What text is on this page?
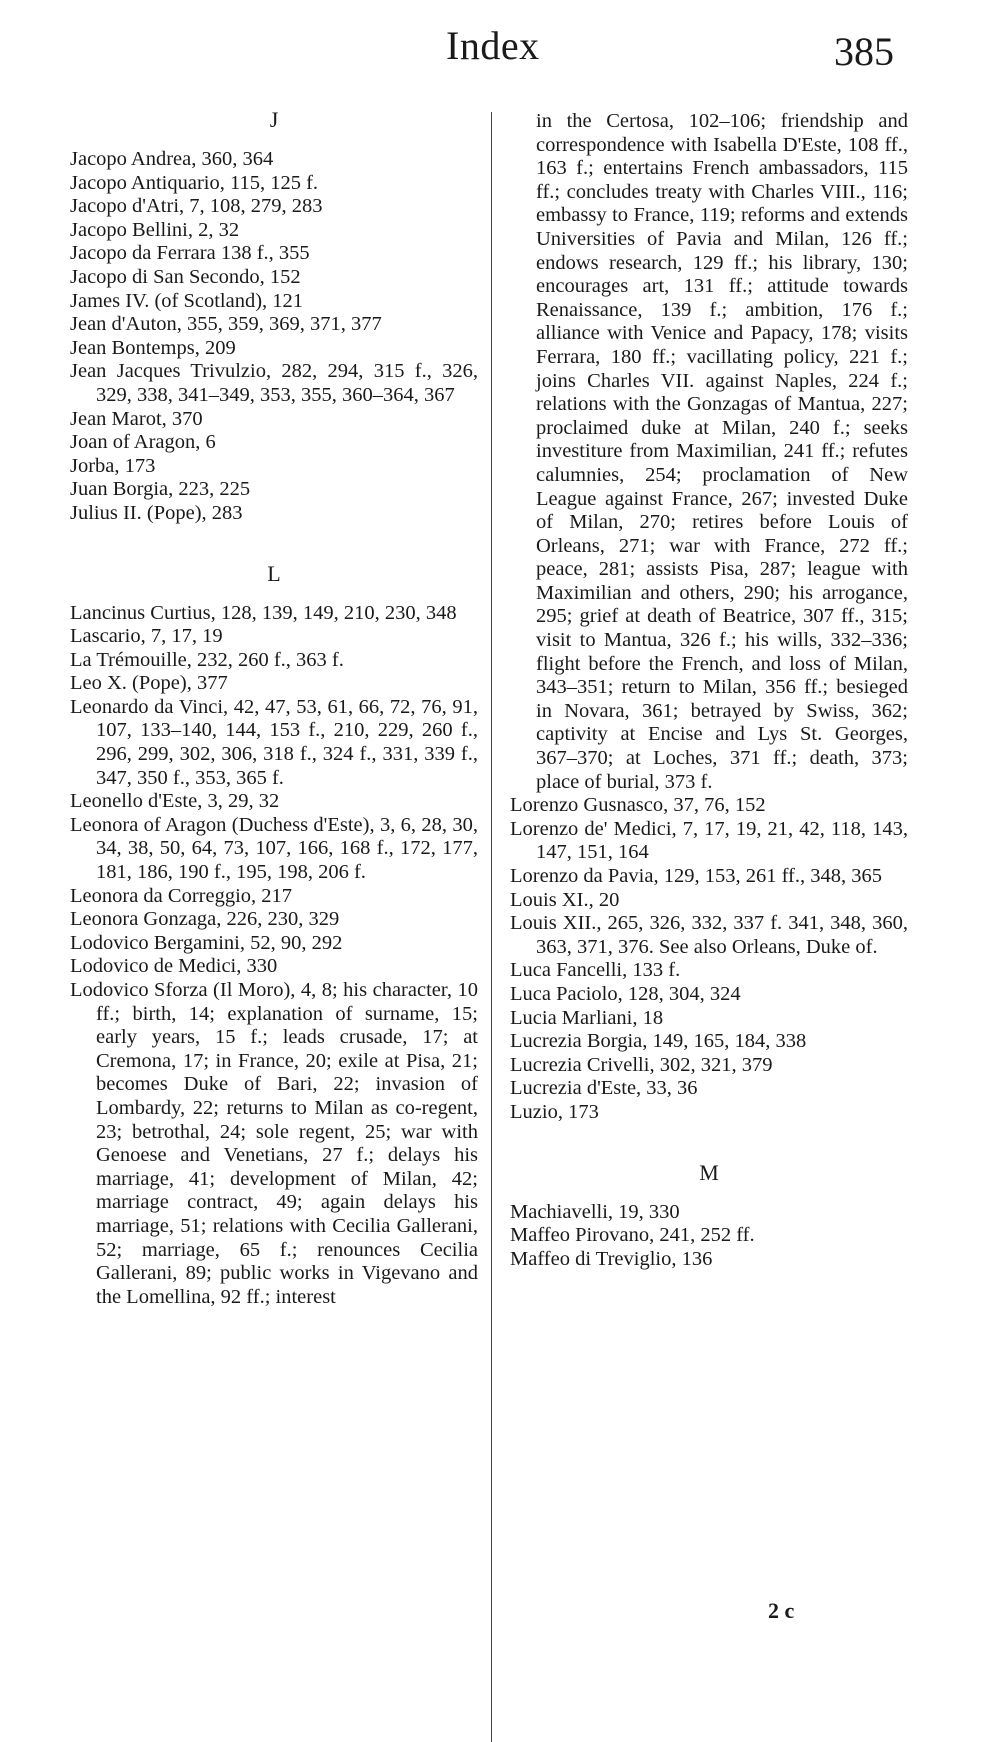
Index	385
J
Jacopo Andrea, 360, 364
Jacopo Antiquario, 115, 125 f.
Jacopo d'Atri, 7, 108, 279, 283
Jacopo Bellini, 2, 32
Jacopo da Ferrara 138 f., 355
Jacopo di San Secondo, 152
James IV. (of Scotland), 121
Jean d'Auton, 355, 359, 369, 371, 377
Jean Bontemps, 209
Jean Jacques Trivulzio, 282, 294, 315 f., 326, 329, 338, 341–349, 353, 355, 360–364, 367
Jean Marot, 370
Joan of Aragon, 6
Jorba, 173
Juan Borgia, 223, 225
Julius II. (Pope), 283
L
Lancinus Curtius, 128, 139, 149, 210, 230, 348
Lascario, 7, 17, 19
La Trémouille, 232, 260 f., 363 f.
Leo X. (Pope), 377
Leonardo da Vinci, 42, 47, 53, 61, 66, 72, 76, 91, 107, 133–140, 144, 153 f., 210, 229, 260 f., 296, 299, 302, 306, 318 f., 324 f., 331, 339 f., 347, 350 f., 353, 365 f.
Leonello d'Este, 3, 29, 32
Leonora of Aragon (Duchess d'Este), 3, 6, 28, 30, 34, 38, 50, 64, 73, 107, 166, 168 f., 172, 177, 181, 186, 190 f., 195, 198, 206 f.
Leonora da Correggio, 217
Leonora Gonzaga, 226, 230, 329
Lodovico Bergamini, 52, 90, 292
Lodovico de Medici, 330
Lodovico Sforza (Il Moro), 4, 8; his character, 10 ff.; birth, 14; explanation of surname, 15; early years, 15 f.; leads crusade, 17; at Cremona, 17; in France, 20; exile at Pisa, 21; becomes Duke of Bari, 22; invasion of Lombardy, 22; returns to Milan as co-regent, 23; betrothal, 24; sole regent, 25; war with Genoese and Venetians, 27 f.; delays his marriage, 41; development of Milan, 42; marriage contract, 49; again delays his marriage, 51; relations with Cecilia Gallerani, 52; marriage, 65 f.; renounces Cecilia Gallerani, 89; public works in Vigevano and the Lomellina, 92 ff.; interest
in the Certosa, 102–106; friendship and correspondence with Isabella D'Este, 108 ff., 163 f.; entertains French ambassadors, 115 ff.; concludes treaty with Charles VIII., 116; embassy to France, 119; reforms and extends Universities of Pavia and Milan, 126 ff.; endows research, 129 ff.; his library, 130; encourages art, 131 ff.; attitude towards Renaissance, 139 f.; ambition, 176 f.; alliance with Venice and Papacy, 178; visits Ferrara, 180 ff.; vacillating policy, 221 f.; joins Charles VII. against Naples, 224 f.; relations with the Gonzagas of Mantua, 227; proclaimed duke at Milan, 240 f.; seeks investiture from Maximilian, 241 ff.; refutes calumnies, 254; proclamation of New League against France, 267; invested Duke of Milan, 270; retires before Louis of Orleans, 271; war with France, 272 ff.; peace, 281; assists Pisa, 287; league with Maximilian and others, 290; his arrogance, 295; grief at death of Beatrice, 307 ff., 315; visit to Mantua, 326 f.; his wills, 332–336; flight before the French, and loss of Milan, 343–351; return to Milan, 356 ff.; besieged in Novara, 361; betrayed by Swiss, 362; captivity at Encise and Lys St. Georges, 367–370; at Loches, 371 ff.; death, 373; place of burial, 373 f.
Lorenzo Gusnasco, 37, 76, 152
Lorenzo de' Medici, 7, 17, 19, 21, 42, 118, 143, 147, 151, 164
Lorenzo da Pavia, 129, 153, 261 ff., 348, 365
Louis XI., 20
Louis XII., 265, 326, 332, 337 f. 341, 348, 360, 363, 371, 376. See also Orleans, Duke of.
Luca Fancelli, 133 f.
Luca Paciolo, 128, 304, 324
Lucia Marliani, 18
Lucrezia Borgia, 149, 165, 184, 338
Lucrezia Crivelli, 302, 321, 379
Lucrezia d'Este, 33, 36
Luzio, 173
M
Machiavelli, 19, 330
Maffeo Pirovano, 241, 252 ff.
Maffeo di Treviglio, 136
2 c
